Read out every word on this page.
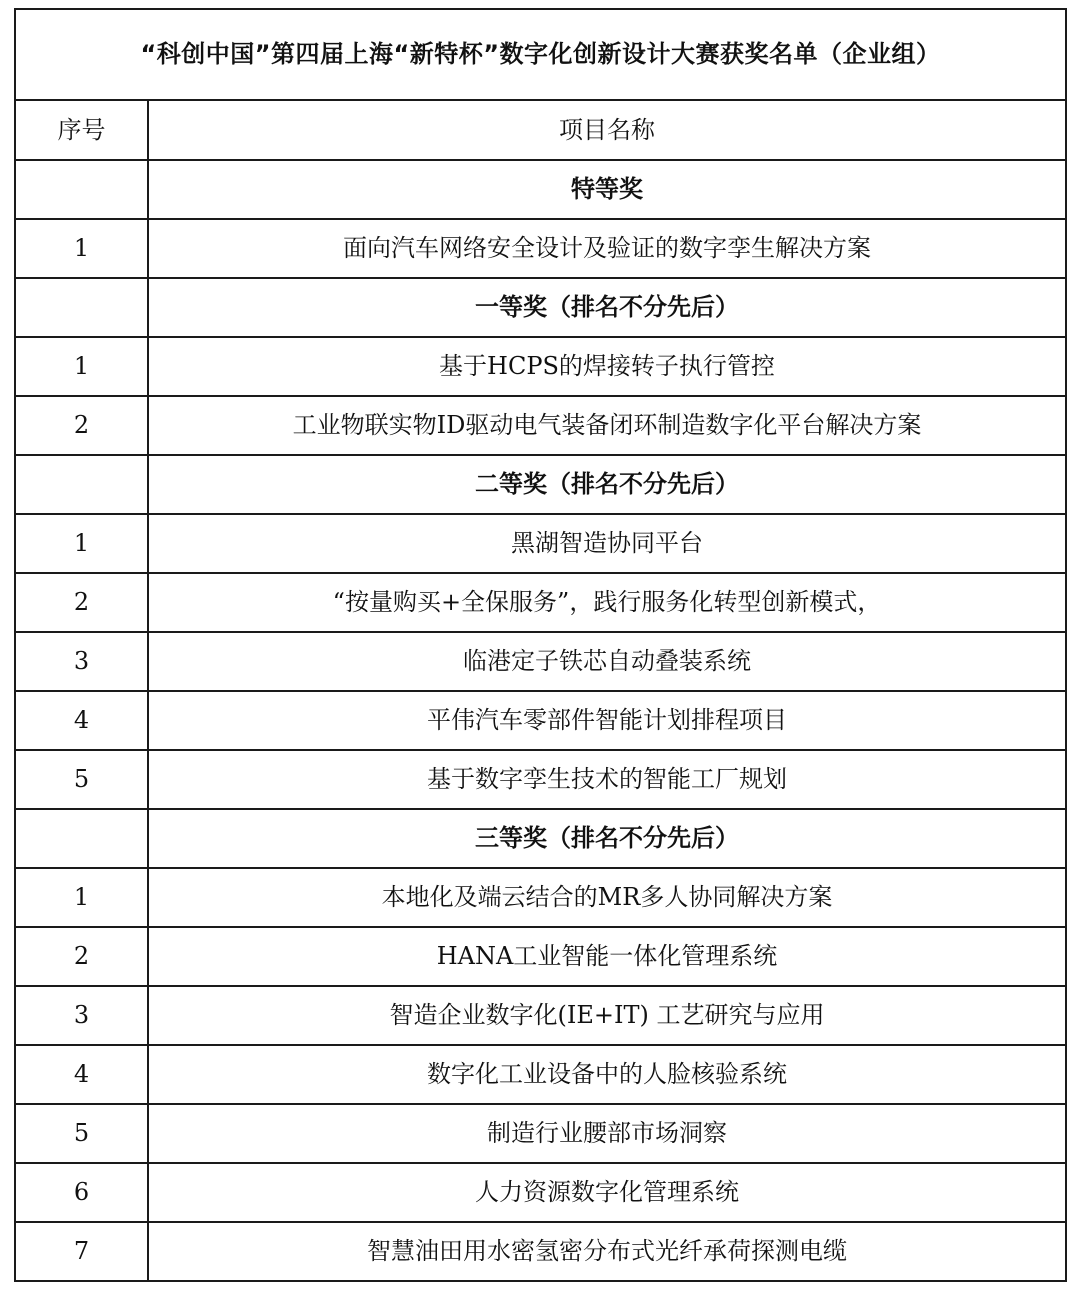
“科创中国”第四届上海“新特杯”数字化创新设计大赛获奖名单（企业组）	
序号	项目名称
	特等奖
1	面向汽车网络安全设计及验证的数字孪生解决方案
	一等奖（排名不分先后）
1	基于HCPS的焊接转子执行管控
2	工业物联实物ID驱动电气装备闭环制造数字化平台解决方案
	二等奖（排名不分先后）
1	黑湖智造协同平台
2	“按量购买+全保服务”，践行服务化转型创新模式，
3	临港定子铁芯自动叠装系统
4	平伟汽车零部件智能计划排程项目
5	基于数字孪生技术的智能工厂规划
	三等奖（排名不分先后）
1	本地化及端云结合的MR多人协同解决方案
2	HANA工业智能一体化管理系统
3	智造企业数字化(IE+IT) 工艺研究与应用
4	数字化工业设备中的人脸核验系统
5	制造行业腰部市场洞察
6	人力资源数字化管理系统
7	智慧油田用水密氢密分布式光纤承荷探测电缆
